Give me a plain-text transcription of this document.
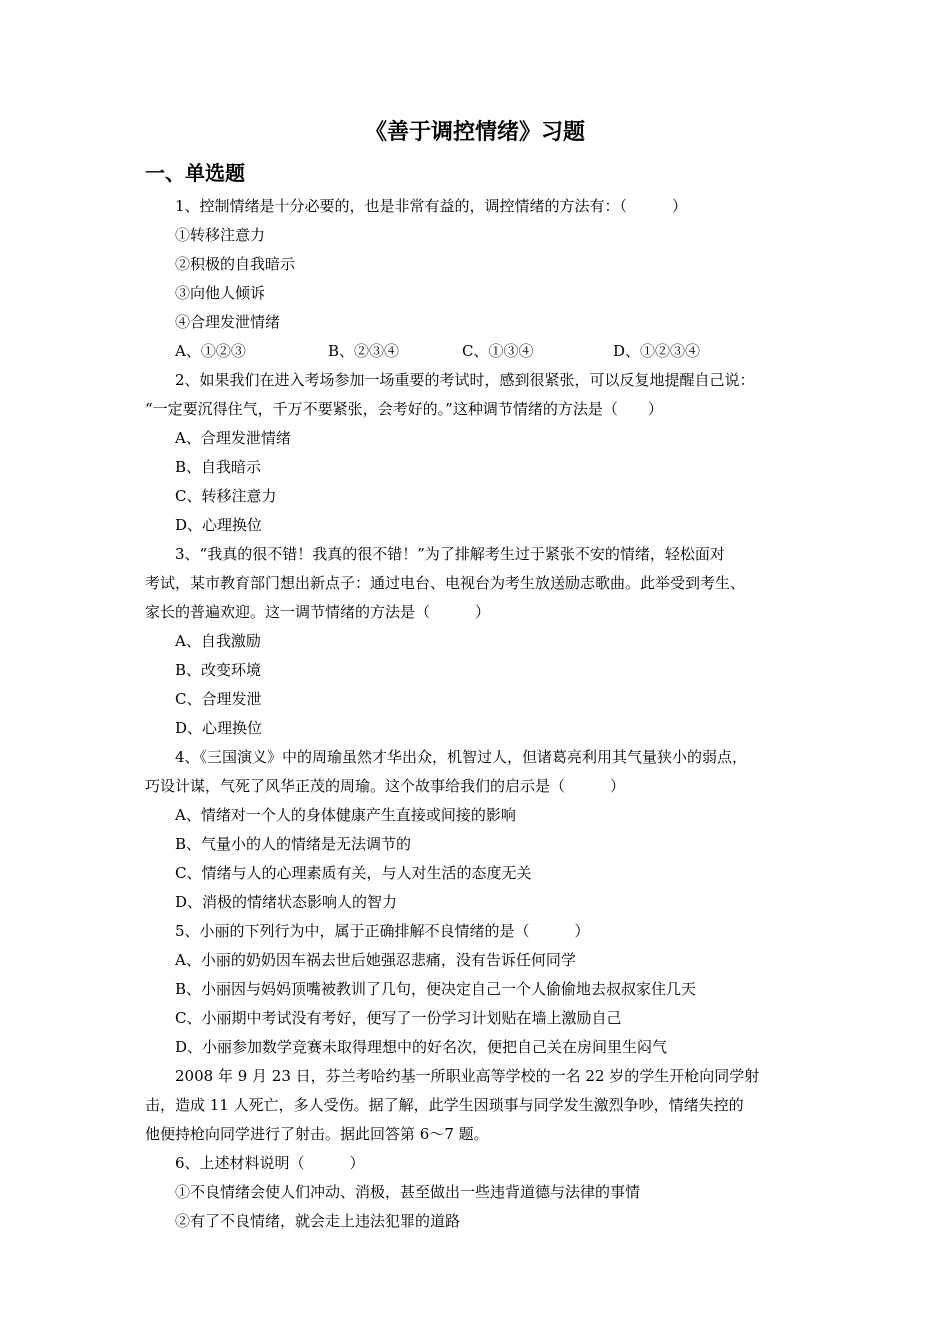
《善于调控情绪》习题
一、单选题
1、控制情绪是十分必要的，也是非常有益的，调控情绪的方法有：（　　　）
①转移注意力
②积极的自我暗示
③向他人倾诉
④合理发泄情绪
A、①②③	B、②③④	C、①③④	D、①②③④
2、如果我们在进入考场参加一场重要的考试时，感到很紧张，可以反复地提醒自己说：
“一定要沉得住气，千万不要紧张，会考好的。”这种调节情绪的方法是（　　）
A、合理发泄情绪
B、自我暗示
C、转移注意力
D、心理换位
3、“我真的很不错！我真的很不错！”为了排解考生过于紧张不安的情绪，轻松面对
考试，某市教育部门想出新点子：通过电台、电视台为考生放送励志歌曲。此举受到考生、
家长的普遍欢迎。这一调节情绪的方法是（　　　）
A、自我激励
B、改变环境
C、合理发泄
D、心理换位
4、《三国演义》中的周瑜虽然才华出众，机智过人，但诸葛亮利用其气量狭小的弱点，
巧设计谋，气死了风华正茂的周瑜。这个故事给我们的启示是（　　　）
A、情绪对一个人的身体健康产生直接或间接的影响
B、气量小的人的情绪是无法调节的
C、情绪与人的心理素质有关，与人对生活的态度无关
D、消极的情绪状态影响人的智力
5、小丽的下列行为中，属于正确排解不良情绪的是（　　　）
A、小丽的奶奶因车祸去世后她强忍悲痛，没有告诉任何同学
B、小丽因与妈妈顶嘴被教训了几句，便决定自己一个人偷偷地去叔叔家住几天
C、小丽期中考试没有考好，便写了一份学习计划贴在墙上激励自己
D、小丽参加数学竞赛未取得理想中的好名次，便把自己关在房间里生闷气
2008 年 9 月 23 日，芬兰考哈约基一所职业高等学校的一名 22 岁的学生开枪向同学射
击，造成 11 人死亡，多人受伤。据了解，此学生因琐事与同学发生激烈争吵，情绪失控的
他便持枪向同学进行了射击。据此回答第 6～7 题。
6、上述材料说明（　　　）
①不良情绪会使人们冲动、消极，甚至做出一些违背道德与法律的事情
②有了不良情绪，就会走上违法犯罪的道路
